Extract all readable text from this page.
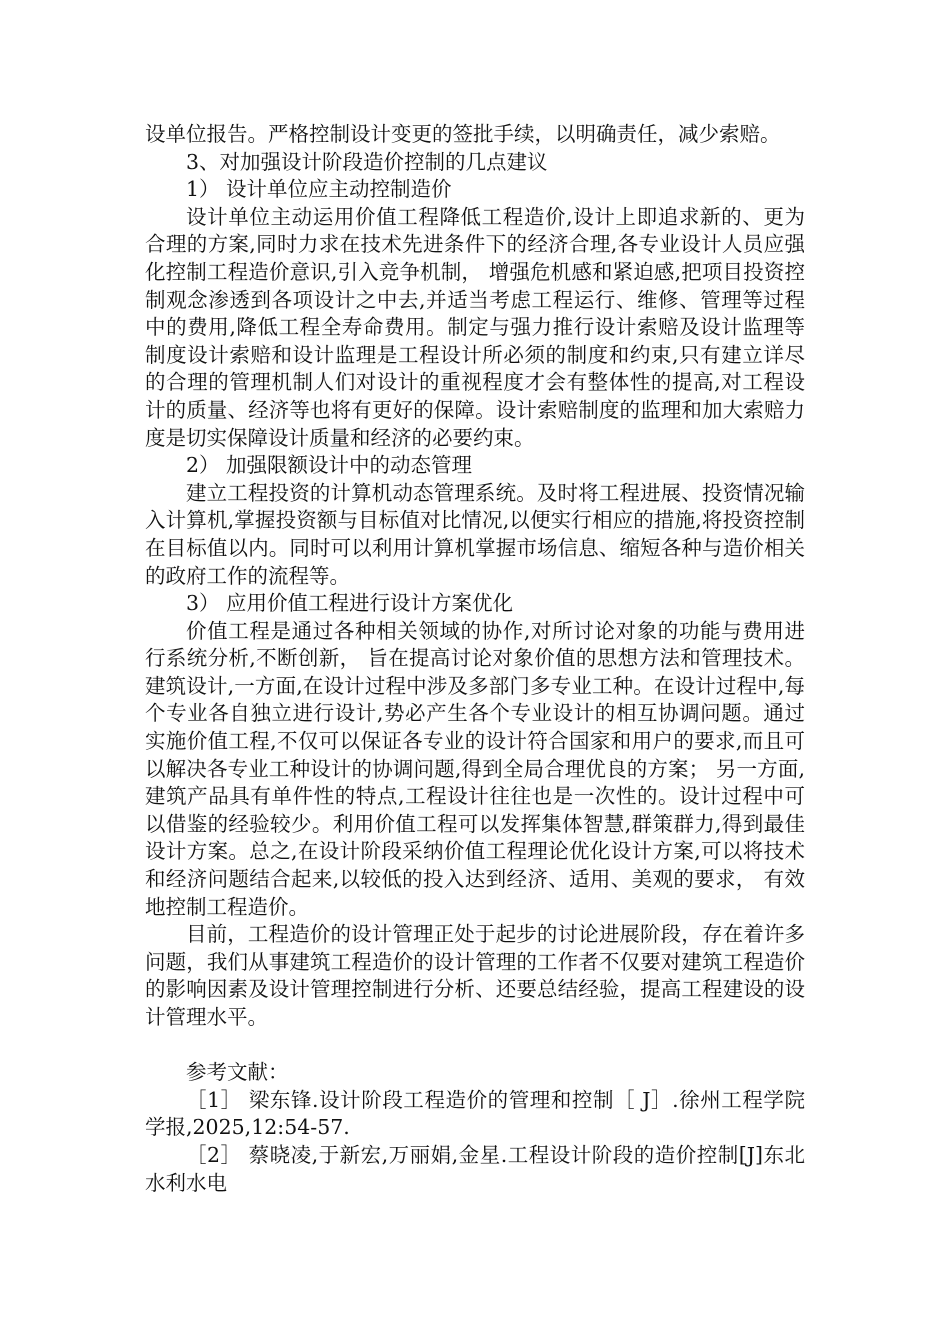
设单位报告。严格控制设计变更的签批手续，以明确责任，减少索赔。

3、对加强设计阶段造价控制的几点建议

1） 设计单位应主动控制造价

设计单位主动运用价值工程降低工程造价,设计上即追求新的、更为合理的方案,同时力求在技术先进条件下的经济合理,各专业设计人员应强化控制工程造价意识,引入竞争机制， 增强危机感和紧迫感,把项目投资控制观念渗透到各项设计之中去,并适当考虑工程运行、维修、管理等过程中的费用,降低工程全寿命费用。制定与强力推行设计索赔及设计监理等制度设计索赔和设计监理是工程设计所必须的制度和约束,只有建立详尽的合理的管理机制人们对设计的重视程度才会有整体性的提高,对工程设计的质量、经济等也将有更好的保障。设计索赔制度的监理和加大索赔力度是切实保障设计质量和经济的必要约束。

2） 加强限额设计中的动态管理

建立工程投资的计算机动态管理系统。及时将工程进展、投资情况输入计算机,掌握投资额与目标值对比情况,以便实行相应的措施,将投资控制在目标值以内。同时可以利用计算机掌握市场信息、缩短各种与造价相关的政府工作的流程等。

3） 应用价值工程进行设计方案优化

价值工程是通过各种相关领域的协作,对所讨论对象的功能与费用进行系统分析,不断创新， 旨在提高讨论对象价值的思想方法和管理技术。建筑设计,一方面,在设计过程中涉及多部门多专业工种。在设计过程中,每个专业各自独立进行设计,势必产生各个专业设计的相互协调问题。通过实施价值工程,不仅可以保证各专业的设计符合国家和用户的要求,而且可以解决各专业工种设计的协调问题,得到全局合理优良的方案； 另一方面,建筑产品具有单件性的特点,工程设计往往也是一次性的。设计过程中可以借鉴的经验较少。利用价值工程可以发挥集体智慧,群策群力,得到最佳设计方案。总之,在设计阶段采纳价值工程理论优化设计方案,可以将技术和经济问题结合起来,以较低的投入达到经济、适用、美观的要求， 有效地控制工程造价。

目前，工程造价的设计管理正处于起步的讨论进展阶段，存在着许多问题，我们从事建筑工程造价的设计管理的工作者不仅要对建筑工程造价的影响因素及设计管理控制进行分析、还要总结经验，提高工程建设的设计管理水平。

参考文献：

［1］ 梁东锋.设计阶段工程造价的管理和控制［ J］.徐州工程学院学报,2025,12:54-57.

［2］ 蔡晓凌,于新宏,万丽娟,金星.工程设计阶段的造价控制[J]东北水利水电
